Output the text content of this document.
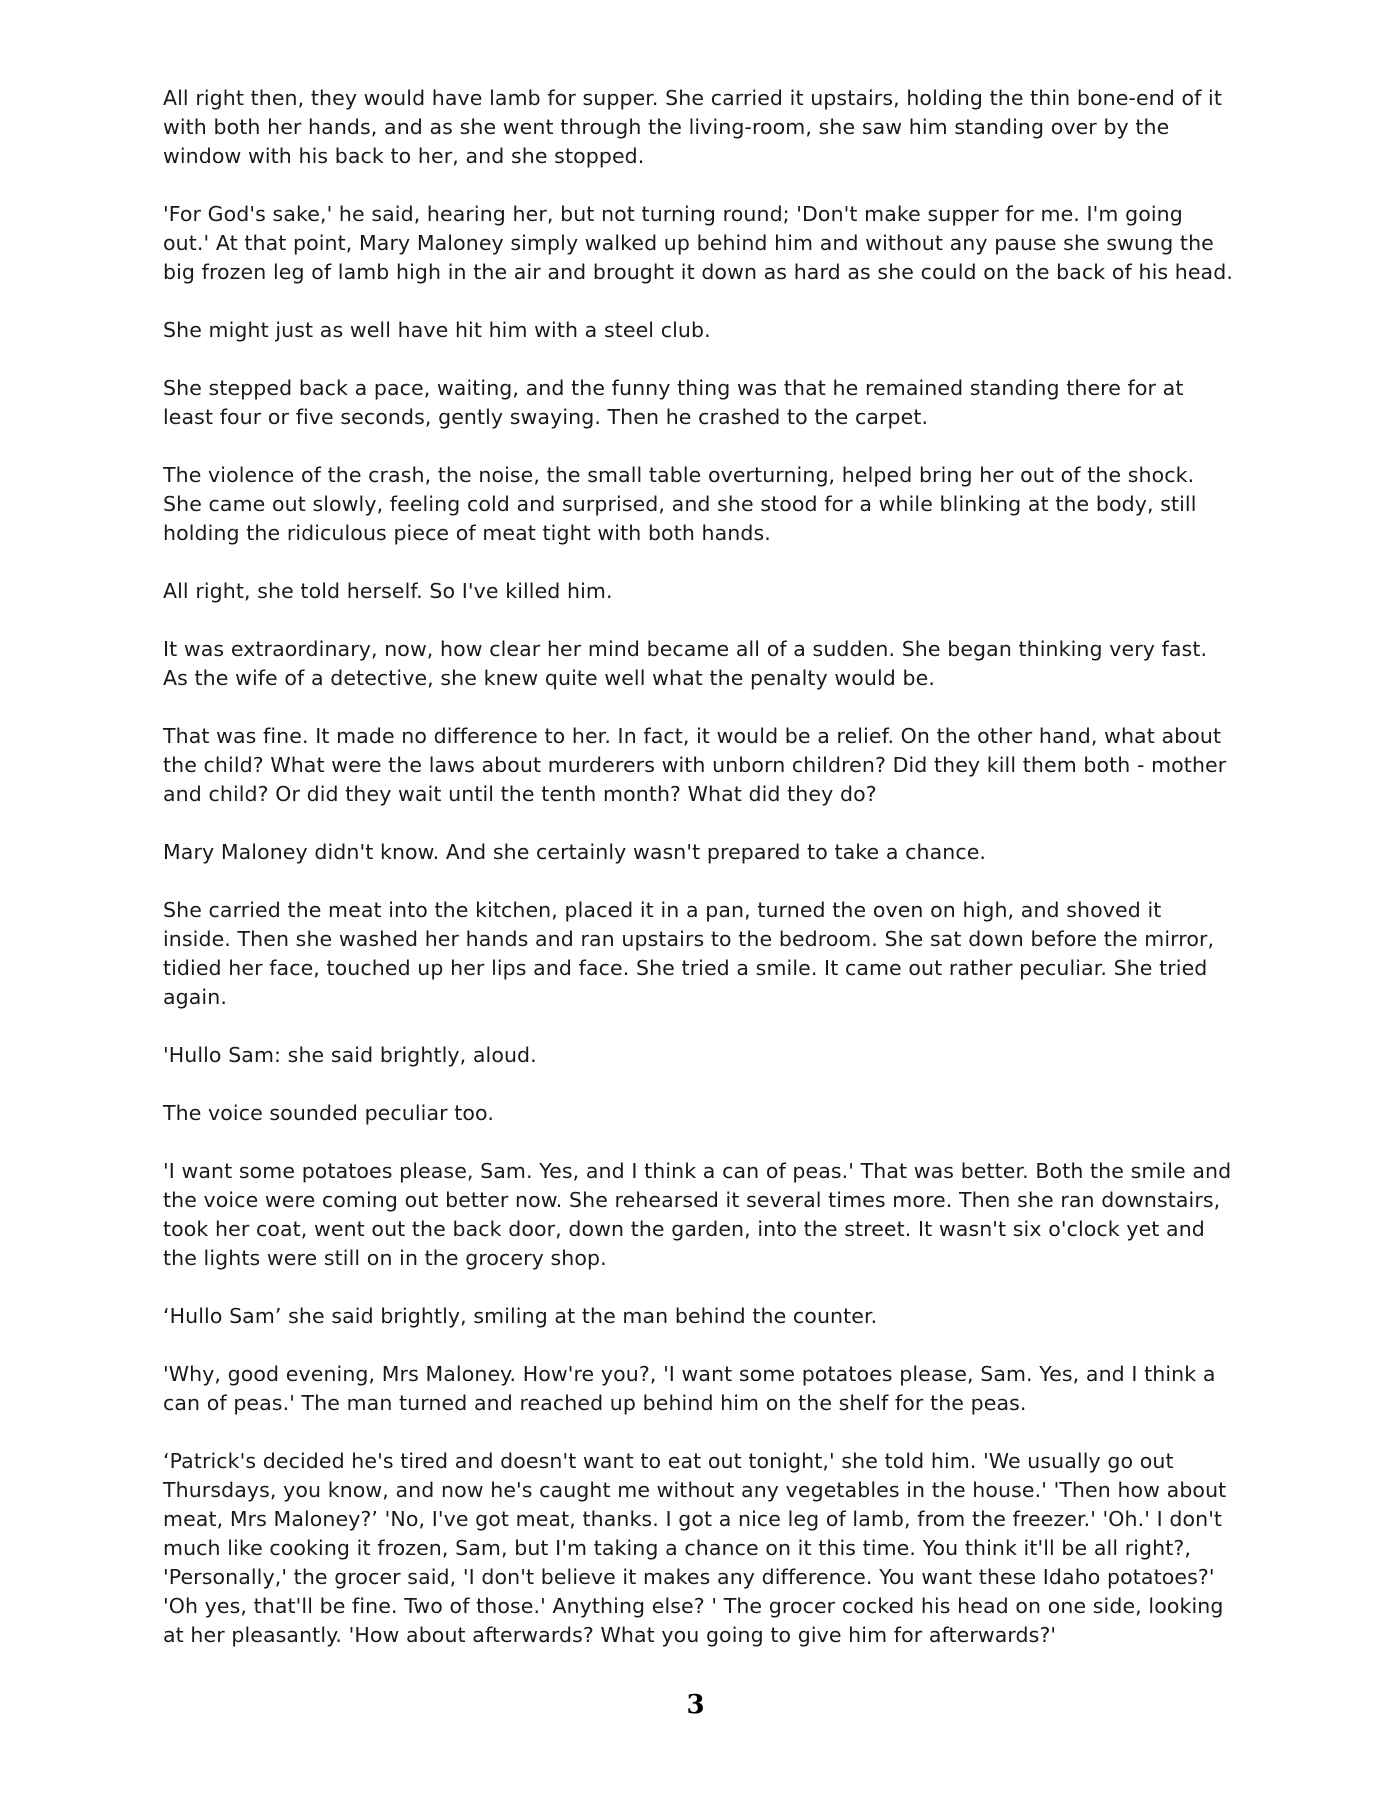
All right then, they would have lamb for supper. She carried it upstairs, holding the thin bone-end of it with both her hands, and as she went through the living-room, she saw him standing over by the window with his back to her, and she stopped.

'For God's sake,' he said, hearing her, but not turning round; 'Don't make supper for me. I'm going out.' At that point, Mary Maloney simply walked up behind him and without any pause she swung the big frozen leg of lamb high in the air and brought it down as hard as she could on the back of his head.

She might just as well have hit him with a steel club.

She stepped back a pace, waiting, and the funny thing was that he remained standing there for at least four or five seconds, gently swaying. Then he crashed to the carpet.

The violence of the crash, the noise, the small table overturning, helped bring her out of the shock. She came out slowly, feeling cold and surprised, and she stood for a while blinking at the body, still holding the ridiculous piece of meat tight with both hands.

All right, she told herself. So I've killed him.

It was extraordinary, now, how clear her mind became all of a sudden. She began thinking very fast. As the wife of a detective, she knew quite well what the penalty would be.

That was fine. It made no difference to her. In fact, it would be a relief. On the other hand, what about the child? What were the laws about murderers with unborn children? Did they kill them both - mother and child? Or did they wait until the tenth month? What did they do?

Mary Maloney didn't know. And she certainly wasn't prepared to take a chance.

She carried the meat into the kitchen, placed it in a pan, turned the oven on high, and shoved it inside. Then she washed her hands and ran upstairs to the bedroom. She sat down before the mirror, tidied her face, touched up her lips and face. She tried a smile. It came out rather peculiar. She tried again.

'Hullo Sam: she said brightly, aloud.

The voice sounded peculiar too.

'I want some potatoes please, Sam. Yes, and I think a can of peas.' That was better. Both the smile and the voice were coming out better now. She rehearsed it several times more. Then she ran downstairs, took her coat, went out the back door, down the garden, into the street. It wasn't six o'clock yet and the lights were still on in the grocery shop.

‘Hullo Sam’ she said brightly, smiling at the man behind the counter.

'Why, good evening, Mrs Maloney. How're you?, 'I want some potatoes please, Sam. Yes, and I think a can of peas.' The man turned and reached up behind him on the shelf for the peas.

‘Patrick's decided he's tired and doesn't want to eat out tonight,' she told him. 'We usually go out Thursdays, you know, and now he's caught me without any vegetables in the house.' 'Then how about meat, Mrs Maloney?’ 'No, I've got meat, thanks. I got a nice leg of lamb, from the freezer.' 'Oh.' I don't much like cooking it frozen, Sam, but I'm taking a chance on it this time. You think it'll be all right?, 'Personally,' the grocer said, 'I don't believe it makes any difference. You want these Idaho potatoes?' 'Oh yes, that'll be fine. Two of those.' Anything else? ' The grocer cocked his head on one side, looking at her pleasantly. 'How about afterwards? What you going to give him for afterwards?'

3
